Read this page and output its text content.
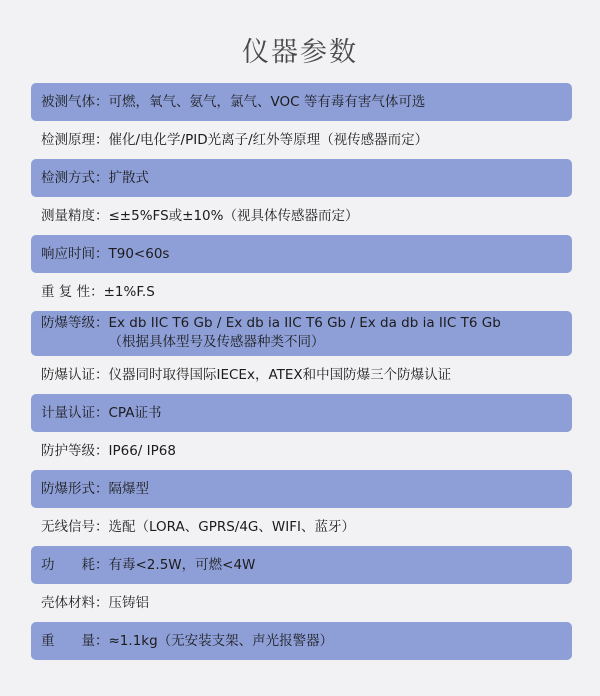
仪器参数
被测气体： 可燃，氧气、氨气，氯气、VOC 等有毒有害气体可选
检测原理： 催化/电化学/PID光离子/红外等原理（视传感器而定）
检测方式： 扩散式
测量精度： ≤±5%FS或±10%（视具体传感器而定）
响应时间： T90<60s
重 复 性： ±1%F.S
防爆等级： Ex db IIC T6 Gb / Ex db ia IIC T6 Gb / Ex da db ia IIC T6 Gb
（根据具体型号及传感器种类不同）
防爆认证： 仪器同时取得国际IECEx，ATEX和中国防爆三个防爆认证
计量认证： CPA证书
防护等级： IP66/ IP68
防爆形式： 隔爆型
无线信号： 选配（LORA、GPRS/4G、WIFI、蓝牙）
功　　耗： 有毒<2.5W，可燃<4W
壳体材料： 压铸铝
重　　量： ≈1.1kg（无安装支架、声光报警器）
